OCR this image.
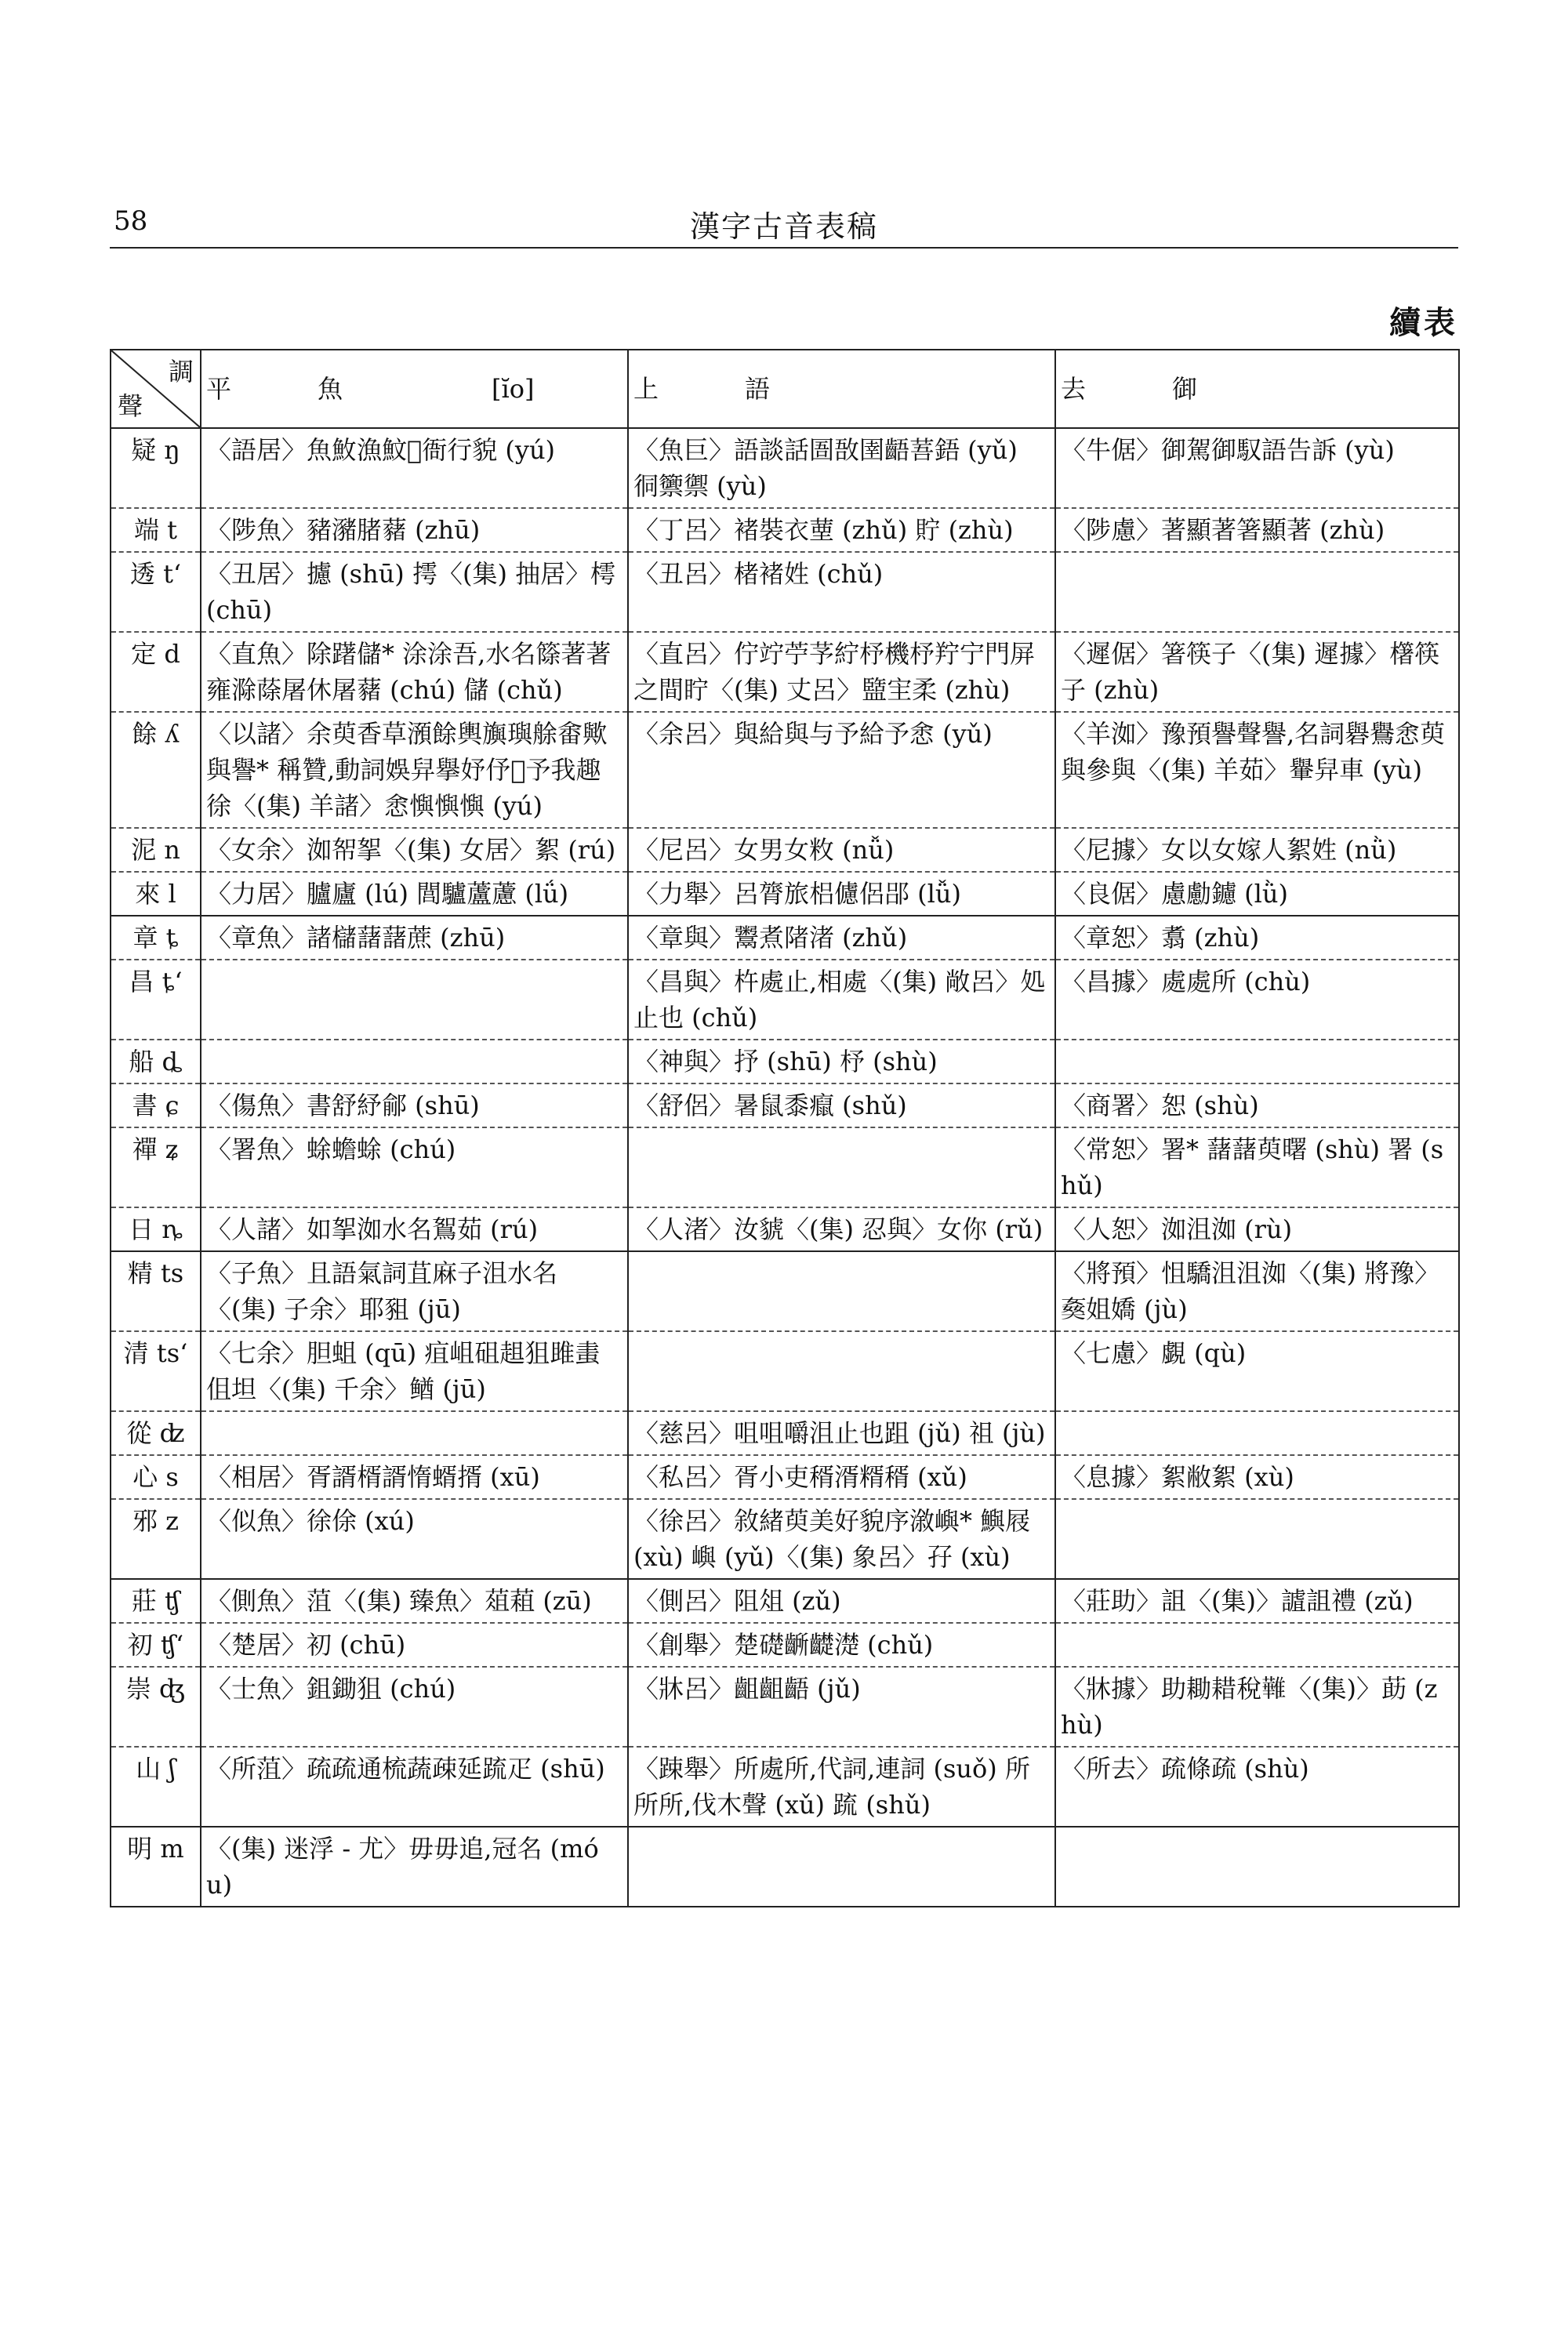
58	漢字古音表稿
續表
調
聲	平 魚 [ĭo]	上 語	去 御
疑 ŋ	〈語居〉魚䰻漁魰𩵆衙行貌 (yú)	〈魚巨〉語談話圄敔圉齬䓊鋙 (yǔ) 㣚籞禦 (yù)	〈牛倨〉御駕御馭語告訴 (yù)
端 t	〈陟魚〉豬瀦䐗藸 (zhū)	〈丁呂〉褚裝衣䓰 (zhǔ) 貯 (zhù)	〈陟慮〉著顯著箸顯著 (zhù)
透 tʻ	〈丑居〉攄 (shū) 摴〈(集) 抽居〉樗 (chū)	〈丑呂〉楮褚姓 (chǔ)	
定 d	〈直魚〉除躇儲* 涂涂吾,水名篨著著雍滁蒢屠休屠藸 (chú) 儲 (chǔ)	〈直呂〉佇竚苧芧紵杼機杼羜宁門屏之間眝〈(集) 丈呂〉盬宔柔 (zhù)	〈遲倨〉箸筷子〈(集) 遲據〉櫡筷子 (zhù)
餘 ʎ	〈以諸〉余萸香草澦餘輿旟璵艅畬歟與譽* 稱贊,動詞娛舁擧妤伃𧶮予我趣徐〈(集) 羊諸〉悆懙懙懙 (yú)	〈余呂〉與給與与予給予悆 (yǔ)	〈羊洳〉豫預譽聲譽,名詞礜鸒悆萸與參與〈(集) 羊茹〉轝舁車 (yù)
泥 n	〈女余〉洳帤挐〈(集) 女居〉絮 (rú)	〈尼呂〉女男女敉 (nǚ)	〈尼據〉女以女嫁人絮姓 (nǜ)
來 l	〈力居〉臚廬 (lú) 閭驢蘆藘 (lǘ)	〈力舉〉呂膂旅梠儢侶郘 (lǚ)	〈良倨〉慮勴鑢 (lǜ)
章 ȶ	〈章魚〉諸櫧藷藷蔗 (zhū)	〈章與〉鬻煮陼渚 (zhǔ)	〈章恕〉翥 (zhù)
昌 ȶʻ		〈昌與〉杵處止,相處〈(集) 敞呂〉処止也 (chǔ)	〈昌據〉處處所 (chù)
船 ȡ		〈神與〉抒 (shū) 杼 (shù)	
書 ɕ	〈傷魚〉書舒紓鄃 (shū)	〈舒侶〉暑鼠黍癙 (shǔ)	〈商署〉恕 (shù)
禪 ʑ	〈署魚〉蜍蟾蜍 (chú)		〈常恕〉署* 藷藷萸曙 (shù) 署 (shǔ)
日 ȵ	〈人諸〉如挐洳水名鴽茹 (rú)	〈人渚〉汝䝞〈(集) 忍與〉女你 (rǔ)	〈人恕〉洳沮洳 (rù)
精 ts	〈子魚〉且語氣詞苴麻子沮水名〈(集) 子余〉耶豠 (jū)		〈將預〉怚驕沮沮洳〈(集) 將豫〉𡟗姐嬌 (jù)
清 tsʻ	〈七余〉胆蛆 (qū) 疽岨砠趄狙雎䖯伹坦〈(集) 千余〉䲡 (jū)		〈七慮〉覷 (qù)
從 ʣ		〈慈呂〉咀咀嚼沮止也跙 (jǔ) 祖 (jù)	
心 s	〈相居〉胥諝楈諝惰蝑揟 (xū)	〈私呂〉胥小吏稰湑糈稰 (xǔ)	〈息據〉絮敝絮 (xù)
邪 z	〈似魚〉徐俆 (xú)	〈徐呂〉敘緒萸美好貌序漵嶼* 鱮屐 (xù) 嶼 (yǔ)〈(集) 象呂〉孖 (xù)	
莊 ʧ	〈側魚〉菹〈(集) 臻魚〉葅蒩 (zū)	〈側呂〉阻俎 (zǔ)	〈莊助〉詛〈(集)〉謯詛禮 (zǔ)
初 ʧʻ	〈楚居〉初 (chū)	〈創舉〉楚礎齭齼濋 (chǔ)	
崇 ʤ	〈士魚〉鉏鋤狙 (chú)	〈牀呂〉齟齟齬 (jǔ)	〈牀據〉助耡耤稅𩀵〈(集)〉莇 (zhù)
山 ʃ	〈所菹〉疏疏通梳蔬疎延䟽疋 (shū)	〈踈舉〉所處所,代詞,連詞 (suǒ) 所所所,伐木聲 (xǔ) 䟽 (shǔ)	〈所去〉疏條疏 (shù)
明 m	〈(集) 迷浮 - 尤〉毋毋追,冠名 (móu)		
